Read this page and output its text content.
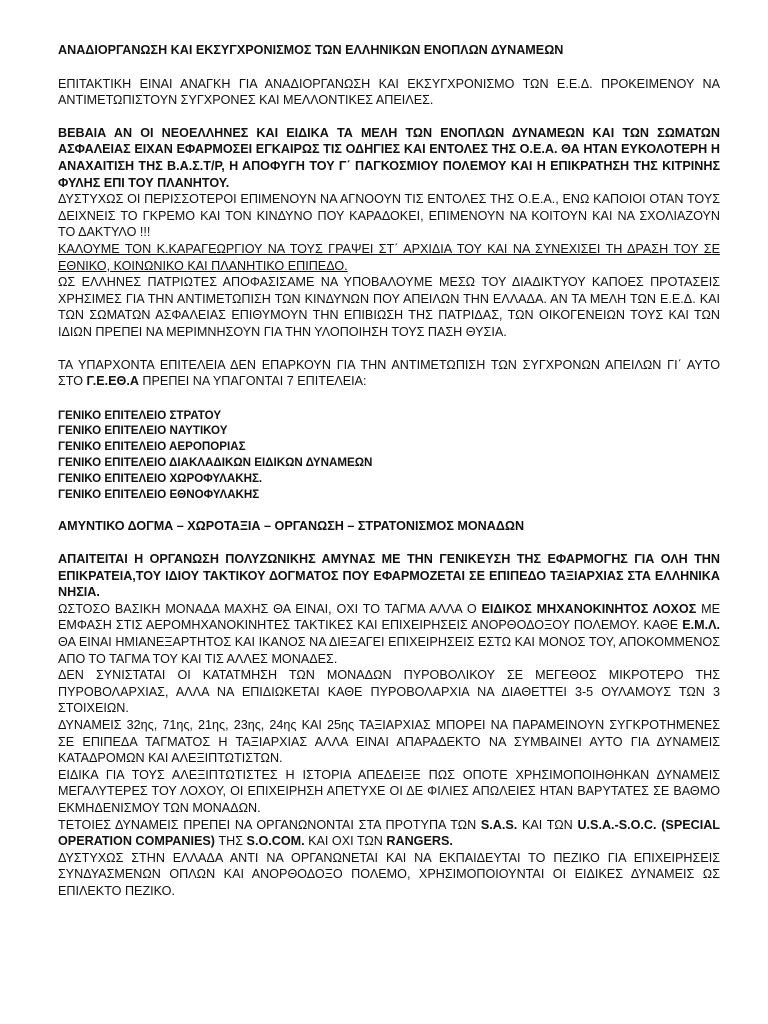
ΑΝΑΔΙΟΡΓΑΝΩΣΗ ΚΑΙ ΕΚΣΥΓΧΡΟΝΙΣΜΟΣ ΤΩΝ ΕΛΛΗΝΙΚΩΝ ΕΝΟΠΛΩΝ ΔΥΝΑΜΕΩΝ

ΕΠΙΤΑΚΤΙΚΗ ΕΙΝΑΙ ΑΝΑΓΚΗ ΓΙΑ ΑΝΑΔΙΟΡΓΑΝΩΣΗ ΚΑΙ ΕΚΣΥΓΧΡΟΝΙΣΜΟ ΤΩΝ Ε.Ε.Δ. ΠΡΟΚΕΙΜΕΝΟΥ ΝΑ ΑΝΤΙΜΕΤΩΠΙΣΤΟΥΝ ΣΥΓΧΡΟΝΕΣ ΚΑΙ ΜΕΛΛΟΝΤΙΚΕΣ ΑΠΕΙΛΕΣ.

ΒΕΒΑΙΑ ΑΝ ΟΙ ΝΕΟΕΛΛΗΝΕΣ ΚΑΙ ΕΙΔΙΚΑ ΤΑ ΜΕΛΗ ΤΩΝ ΕΝΟΠΛΩΝ ΔΥΝΑΜΕΩΝ ΚΑΙ ΤΩΝ ΣΩΜΑΤΩΝ ΑΣΦΑΛΕΙΑΣ ΕΙΧΑΝ ΕΦΑΡΜΟΣΕΙ ΕΓΚΑΙΡΩΣ ΤΙΣ ΟΔΗΓΙΕΣ ΚΑΙ ΕΝΤΟΛΕΣ ΤΗΣ Ο.Ε.Α. ΘΑ ΗΤΑΝ ΕΥΚΟΛΟΤΕΡΗ Η ΑΝΑΧΑΙΤΙΣΗ ΤΗΣ Β.Α.Σ.Τ/Ρ, Η ΑΠΟΦΥΓΗ ΤΟΥ Γ΄ ΠΑΓΚΟΣΜΙΟΥ ΠΟΛΕΜΟΥ ΚΑΙ Η ΕΠΙΚΡΑΤΗΣΗ ΤΗΣ ΚΙΤΡΙΝΗΣ ΦΥΛΗΣ ΕΠΙ ΤΟΥ ΠΛΑΝΗΤΟΥ.

ΔΥΣΤΥΧΩΣ ΟΙ ΠΕΡΙΣΣΟΤΕΡΟΙ ΕΠΙΜΕΝΟΥΝ ΝΑ ΑΓΝΟΟΥΝ ΤΙΣ ΕΝΤΟΛΕΣ ΤΗΣ Ο.Ε.Α., ΕΝΩ ΚΑΠΟΙΟΙ ΟΤΑΝ ΤΟΥΣ ΔΕΙΧΝΕΙΣ ΤΟ ΓΚΡΕΜΟ ΚΑΙ ΤΟΝ ΚΙΝΔΥΝΟ ΠΟΥ ΚΑΡΑΔΟΚΕΙ, ΕΠΙΜΕΝΟΥΝ ΝΑ ΚΟΙΤΟΥΝ ΚΑΙ ΝΑ ΣΧΟΛΙΑΖΟΥΝ ΤΟ ΔΑΚΤΥΛΟ !!!

ΚΑΛΟΥΜΕ ΤΟΝ Κ.ΚΑΡΑΓΕΩΡΓΙΟΥ ΝΑ ΤΟΥΣ ΓΡΑΨΕΙ ΣΤ΄ ΑΡΧΙΔΙΑ ΤΟΥ ΚΑΙ ΝΑ ΣΥΝΕΧΙΣΕΙ ΤΗ ΔΡΑΣΗ ΤΟΥ ΣΕ ΕΘΝΙΚΟ, ΚΟΙΝΩΝΙΚΟ ΚΑΙ ΠΛΑΝΗΤΙΚΟ ΕΠΙΠΕΔΟ.

ΩΣ ΕΛΛΗΝΕΣ ΠΑΤΡΙΩΤΕΣ ΑΠΟΦΑΣΙΣΑΜΕ ΝΑ ΥΠΟΒΑΛΟΥΜΕ ΜΕΣΩ ΤΟΥ ΔΙΑΔΙΚΤΥΟΥ ΚΑΠΟΕΣ ΠΡΟΤΑΣΕΙΣ ΧΡΗΣΙΜΕΣ ΓΙΑ ΤΗΝ ΑΝΤΙΜΕΤΩΠΙΣΗ ΤΩΝ ΚΙΝΔΥΝΩΝ ΠΟΥ ΑΠΕΙΛΩΝ ΤΗΝ ΕΛΛΑΔΑ. ΑΝ ΤΑ ΜΕΛΗ ΤΩΝ Ε.Ε.Δ. ΚΑΙ ΤΩΝ ΣΩΜΑΤΩΝ ΑΣΦΑΛΕΙΑΣ ΕΠΙΘΥΜΟΥΝ ΤΗΝ ΕΠΙΒΙΩΣΗ ΤΗΣ ΠΑΤΡΙΔΑΣ, ΤΩΝ ΟΙΚΟΓΕΝΕΙΩΝ ΤΟΥΣ ΚΑΙ ΤΩΝ ΙΔΙΩΝ ΠΡΕΠΕΙ ΝΑ ΜΕΡΙΜΝΗΣΟΥΝ ΓΙΑ ΤΗΝ ΥΛΟΠΟΙΗΣΗ ΤΟΥΣ ΠΑΣΗ ΘΥΣΙΑ.

ΤΑ ΥΠΑΡΧΟΝΤΑ ΕΠΙΤΕΛΕΙΑ ΔΕΝ ΕΠΑΡΚΟΥΝ ΓΙΑ ΤΗΝ ΑΝΤΙΜΕΤΩΠΙΣΗ ΤΩΝ ΣΥΓΧΡΟΝΩΝ ΑΠΕΙΛΩΝ ΓΙ΄ ΑΥΤΟ ΣΤΟ Γ.Ε.ΕΘ.Α ΠΡΕΠΕΙ ΝΑ ΥΠΑΓΟΝΤΑΙ 7 ΕΠΙΤΕΛΕΙΑ:

ΓΕΝΙΚΟ ΕΠΙΤΕΛΕΙΟ ΣΤΡΑΤΟΥ
ΓΕΝΙΚΟ ΕΠΙΤΕΛΕΙΟ ΝΑΥΤΙΚΟΥ
ΓΕΝΙΚΟ ΕΠΙΤΕΛΕΙΟ ΑΕΡΟΠΟΡΙΑΣ
ΓΕΝΙΚΟ ΕΠΙΤΕΛΕΙΟ ΔΙΑΚΛΑΔΙΚΩΝ ΕΙΔΙΚΩΝ ΔΥΝΑΜΕΩΝ
ΓΕΝΙΚΟ ΕΠΙΤΕΛΕΙΟ ΧΩΡΟΦΥΛΑΚΗΣ.
ΓΕΝΙΚΟ ΕΠΙΤΕΛΕΙΟ ΕΘΝΟΦΥΛΑΚΗΣ

ΑΜΥΝΤΙΚΟ ΔΟΓΜΑ – ΧΩΡΟΤΑΞΙΑ – ΟΡΓΑΝΩΣΗ – ΣΤΡΑΤΟΝΙΣΜΟΣ ΜΟΝΑΔΩΝ

ΑΠΑΙΤΕΙΤΑΙ Η ΟΡΓΑΝΩΣΗ ΠΟΛΥΖΩΝΙΚΗΣ ΑΜΥΝΑΣ ΜΕ ΤΗΝ ΓΕΝΙΚΕΥΣΗ ΤΗΣ ΕΦΑΡΜΟΓΗΣ ΓΙΑ ΟΛΗ ΤΗΝ ΕΠΙΚΡΑΤΕΙΑ,ΤΟΥ ΙΔΙΟΥ ΤΑΚΤΙΚΟΥ ΔΟΓΜΑΤΟΣ ΠΟΥ ΕΦΑΡΜΟΖΕΤΑΙ ΣΕ ΕΠΙΠΕΔΟ ΤΑΞΙΑΡΧΙΑΣ ΣΤΑ ΕΛΛΗΝΙΚΑ ΝΗΣΙΑ.

ΩΣΤΟΣΟ ΒΑΣΙΚΗ ΜΟΝΑΔΑ ΜΑΧΗΣ ΘΑ ΕΙΝΑΙ, ΟΧΙ ΤΟ ΤΑΓΜΑ ΑΛΛΑ Ο ΕΙΔΙΚΟΣ ΜΗΧΑΝΟΚΙΝΗΤΟΣ ΛΟΧΟΣ ΜΕ ΕΜΦΑΣΗ ΣΤΙΣ ΑΕΡΟΜΗΧΑΝΟΚΙΝΗΤΕΣ ΤΑΚΤΙΚΕΣ ΚΑΙ ΕΠΙΧΕΙΡΗΣΕΙΣ ΑΝΟΡΘΟΔΟΞΟΥ ΠΟΛΕΜΟΥ. ΚΑΘΕ Ε.Μ.Λ. ΘΑ ΕΙΝΑΙ ΗΜΙΑΝΕΞΑΡΤΗΤΟΣ ΚΑΙ ΙΚΑΝΟΣ ΝΑ ΔΙΕΞΑΓΕΙ ΕΠΙΧΕΙΡΗΣΕΙΣ ΕΣΤΩ ΚΑΙ ΜΟΝΟΣ ΤΟΥ, ΑΠΟΚΟΜΜΕΝΟΣ ΑΠΟ ΤΟ ΤΑΓΜΑ ΤΟΥ ΚΑΙ ΤΙΣ ΑΛΛΕΣ ΜΟΝΑΔΕΣ.

ΔΕΝ ΣΥΝΙΣΤΑΤΑΙ ΟΙ ΚΑΤΑΤΜΗΣΗ ΤΩΝ ΜΟΝΑΔΩΝ ΠΥΡΟΒΟΛΙΚΟΥ ΣΕ ΜΕΓΕΘΟΣ ΜΙΚΡΟΤΕΡΟ ΤΗΣ ΠΥΡΟΒΟΛΑΡΧΙΑΣ, ΑΛΛΑ ΝΑ ΕΠΙΔΙΩΚΕΤΑΙ ΚΑΘΕ ΠΥΡΟΒΟΛΑΡΧΙΑ ΝΑ ΔΙΑΘΕΤΤΕΙ 3-5 ΟΥΛΑΜΟΥΣ ΤΩΝ 3 ΣΤΟΙΧΕΙΩΝ.

ΔΥΝΑΜΕΙΣ 32ης, 71ης, 21ης, 23ης, 24ης ΚΑΙ 25ης ΤΑΞΙΑΡΧΙΑΣ ΜΠΟΡΕΙ ΝΑ ΠΑΡΑΜΕΙΝΟΥΝ ΣΥΓΚΡΟΤΗΜΕΝΕΣ ΣΕ ΕΠΙΠΕΔΑ ΤΑΓΜΑΤΟΣ Η ΤΑΞΙΑΡΧΙΑΣ ΑΛΛΑ ΕΙΝΑΙ ΑΠΑΡΑΔΕΚΤΟ ΝΑ ΣΥΜΒΑΙΝΕΙ ΑΥΤΟ ΓΙΑ ΔΥΝΑΜΕΙΣ ΚΑΤΑΔΡΟΜΩΝ ΚΑΙ ΑΛΕΞΙΠΤΩΤΙΣΤΩΝ.

ΕΙΔΙΚΑ ΓΙΑ ΤΟΥΣ ΑΛΕΞΙΠΤΩΤΙΣΤΕΣ Η ΙΣΤΟΡΙΑ ΑΠΕΔΕΙΞΕ ΠΩΣ ΟΠΟΤΕ ΧΡΗΣΙΜΟΠΟΙΗΘΗΚΑΝ ΔΥΝΑΜΕΙΣ ΜΕΓΑΛΥΤΕΡΕΣ ΤΟΥ ΛΟΧΟΥ, ΟΙ ΕΠΙΧΕΙΡΗΣΗ ΑΠΕΤΥΧΕ ΟΙ ΔΕ ΦΙΛΙΕΣ ΑΠΩΛΕΙΕΣ ΗΤΑΝ ΒΑΡΥΤΑΤΕΣ ΣΕ ΒΑΘΜΟ ΕΚΜΗΔΕΝΙΣΜΟΥ ΤΩΝ ΜΟΝΑΔΩΝ.

ΤΕΤΟΙΕΣ ΔΥΝΑΜΕΙΣ ΠΡΕΠΕΙ ΝΑ ΟΡΓΑΝΩΝΟΝΤΑΙ ΣΤΑ ΠΡΟΤΥΠΑ ΤΩΝ S.A.S. ΚΑΙ ΤΩΝ U.S.A.-S.O.C. (SPECIAL OPERATION COMPANIES) ΤΗΣ S.O.COM. ΚΑΙ ΟΧΙ ΤΩΝ RANGERS.

ΔΥΣΤΥΧΩΣ ΣΤΗΝ ΕΛΛΑΔΑ ΑΝΤΙ ΝΑ ΟΡΓΑΝΩΝΕΤΑΙ ΚΑΙ ΝΑ ΕΚΠΑΙΔΕΥΤΑΙ ΤΟ ΠΕΖΙΚΟ ΓΙΑ ΕΠΙΧΕΙΡΗΣΕΙΣ ΣΥΝΔΥΑΣΜΕΝΩΝ ΟΠΛΩΝ ΚΑΙ ΑΝΟΡΘΟΔΟΞΟ ΠΟΛΕΜΟ, ΧΡΗΣΙΜΟΠΟΙΟΥΝΤΑΙ ΟΙ ΕΙΔΙΚΕΣ ΔΥΝΑΜΕΙΣ ΩΣ ΕΠΙΛΕΚΤΟ ΠΕΖΙΚΟ.
